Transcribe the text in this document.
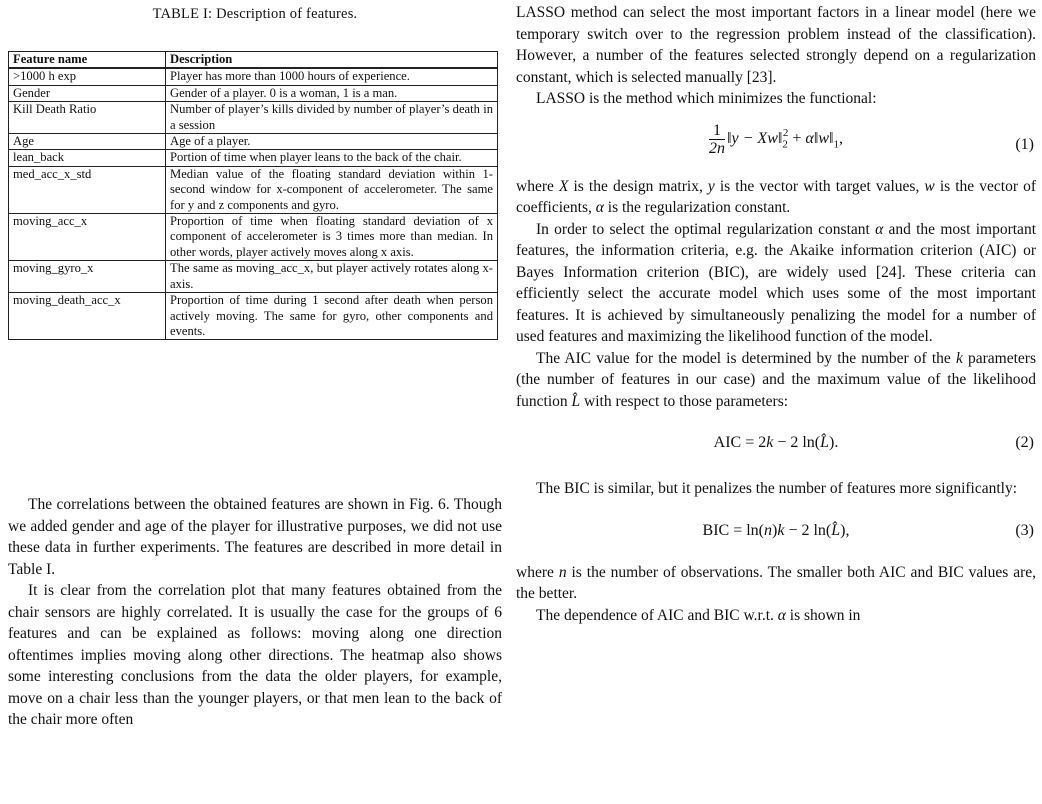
TABLE I: Description of features.
Feature name	Description
>1000 h exp	Player has more than 1000 hours of experience.
Gender	Gender of a player. 0 is a woman, 1 is a man.
Kill Death Ratio	Number of player’s kills divided by number of player’s death in a session
Age	Age of a player.
lean_back	Portion of time when player leans to the back of the chair.
med_acc_x_std	Median value of the floating standard deviation within 1-second window for x-component of accelerometer. The same for y and z components and gyro.
moving_acc_x	Proportion of time when floating standard deviation of x component of accelerometer is 3 times more than median. In other words, player actively moves along x axis.
moving_gyro_x	The same as moving_acc_x, but player actively rotates along x-axis.
moving_death_acc_x	Proportion of time during 1 second after death when person actively moving. The same for gyro, other components and events.

The correlations between the obtained features are shown in Fig. 6. Though we added gender and age of the player for illustrative purposes, we did not use these data in further experiments. The features are described in more detail in Table I.

It is clear from the correlation plot that many features obtained from the chair sensors are highly correlated. It is usually the case for the groups of 6 features and can be explained as follows: moving along one direction oftentimes implies moving along other directions. The heatmap also shows some interesting conclusions from the data the older players, for example, move on a chair less than the younger players, or that men lean to the back of the chair more often

LASSO method can select the most important factors in a linear model (here we temporary switch over to the regression problem instead of the classification). However, a number of the features selected strongly depend on a regularization constant, which is selected manually [23].

LASSO is the method which minimizes the functional:

$\frac{1}{2n}$ ‖y − $Xw‖_2^2$ + $\alpha‖w‖_1$,	(1)

where X is the design matrix, y is the vector with target values, w is the vector of coefficients, α is the regularization constant.

In order to select the optimal regularization constant α and the most important features, the information criteria, e.g. the Akaike information criterion (AIC) or Bayes Information criterion (BIC), are widely used [24]. These criteria can efficiently select the accurate model which uses some of the most important features. It is achieved by simultaneously penalizing the model for a number of used features and maximizing the likelihood function of the model.

The AIC value for the model is determined by the number of the k parameters (the number of features in our case) and the maximum value of the likelihood function L̂ with respect to those parameters:

AIC = 2k − 2 ln(L̂).	(2)

The BIC is similar, but it penalizes the number of features more significantly:

BIC = ln(n)k − 2 ln(L̂),	(3)

where n is the number of observations. The smaller both AIC and BIC values are, the better.

The dependence of AIC and BIC w.r.t. α is shown in
